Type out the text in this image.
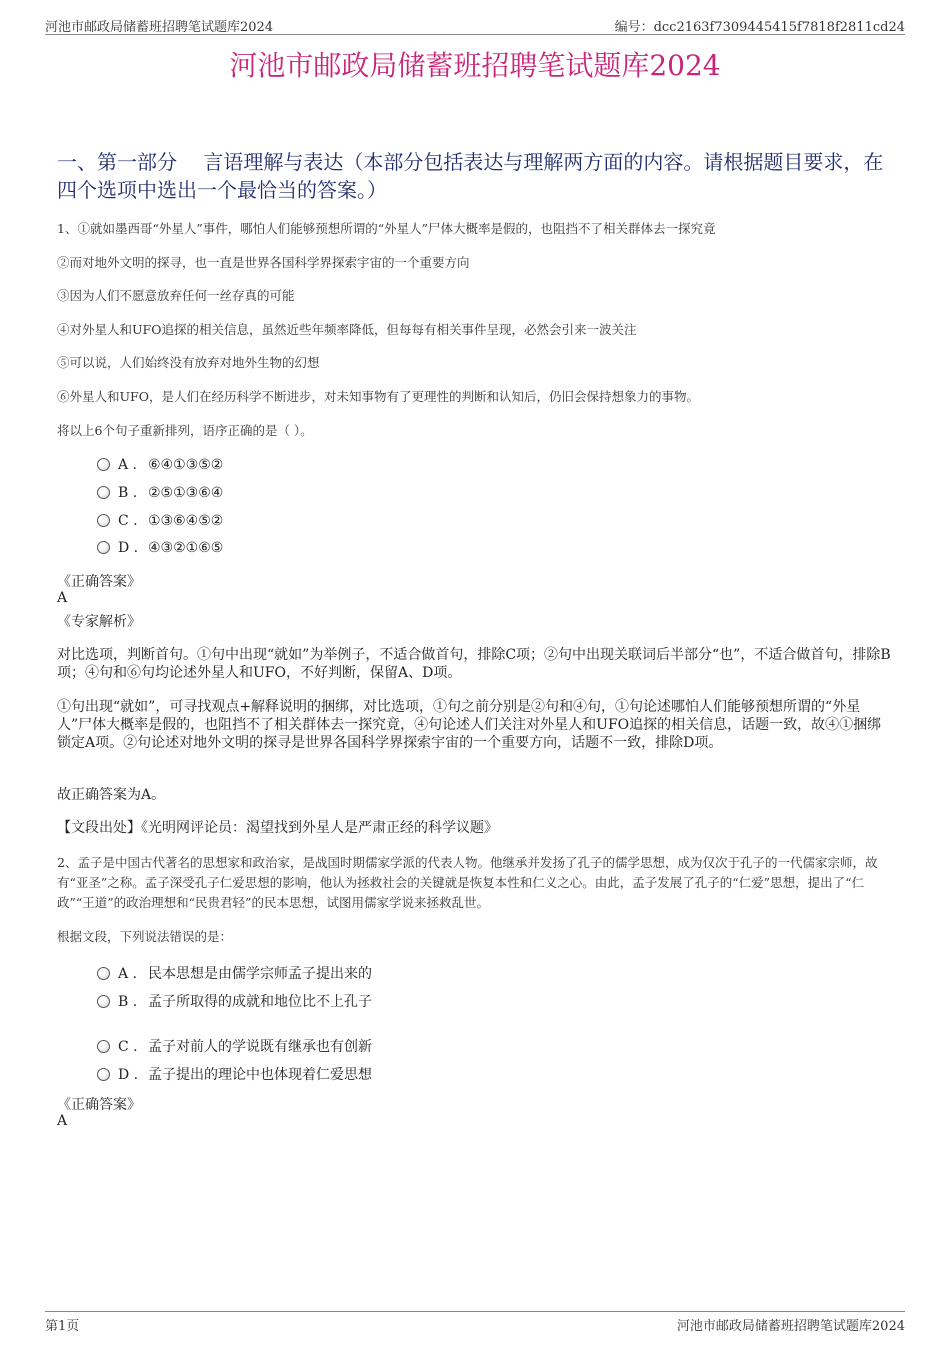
河池市邮政局储蓄班招聘笔试题库2024	编号：dcc2163f7309445415f7818f2811cd24
河池市邮政局储蓄班招聘笔试题库2024
一、第一部分　 言语理解与表达（本部分包括表达与理解两方面的内容。请根据题目要求，在四个选项中选出一个最恰当的答案。）
1、①就如墨西哥“外星人”事件，哪怕人们能够预想所谓的“外星人”尸体大概率是假的，也阻挡不了相关群体去一探究竟
②而对地外文明的探寻，也一直是世界各国科学界探索宇宙的一个重要方向
③因为人们不愿意放弃任何一丝存真的可能
④对外星人和UFO追探的相关信息，虽然近些年频率降低，但每每有相关事件呈现，必然会引来一波关注
⑤可以说，人们始终没有放弃对地外生物的幻想
⑥外星人和UFO，是人们在经历科学不断进步，对未知事物有了更理性的判断和认知后，仍旧会保持想象力的事物。
将以上6个句子重新排列，语序正确的是（ ）。
A . ⑥④①③⑤②
B . ②⑤①③⑥④
C . ①③⑥④⑤②
D . ④③②①⑥⑤
《正确答案》
A
《专家解析》
对比选项，判断首句。①句中出现“就如”为举例子，不适合做首句，排除C项；②句中出现关联词后半部分“也”，不适合做首句，排除B项；④句和⑥句均论述外星人和UFO，不好判断，保留A、D项。
①句出现“就如”，可寻找观点+解释说明的捆绑，对比选项，①句之前分别是②句和④句，①句论述哪怕人们能够预想所谓的“外星人”尸体大概率是假的，也阻挡不了相关群体去一探究竟，④句论述人们关注对外星人和UFO追探的相关信息，话题一致，故④①捆绑锁定A项。②句论述对地外文明的探寻是世界各国科学界探索宇宙的一个重要方向，话题不一致，排除D项。
故正确答案为A。
【文段出处】《光明网评论员：渴望找到外星人是严肃正经的科学议题》
2、孟子是中国古代著名的思想家和政治家，是战国时期儒家学派的代表人物。他继承并发扬了孔子的儒学思想，成为仅次于孔子的一代儒家宗师，故有“亚圣”之称。孟子深受孔子仁爱思想的影响，他认为拯救社会的关键就是恢复本性和仁义之心。由此，孟子发展了孔子的“仁爱”思想，提出了“仁政”“王道”的政治理想和“民贵君轻”的民本思想，试图用儒家学说来拯救乱世。
根据文段，下列说法错误的是：
A . 民本思想是由儒学宗师孟子提出来的
B . 孟子所取得的成就和地位比不上孔子
C . 孟子对前人的学说既有继承也有创新
D . 孟子提出的理论中也体现着仁爱思想
《正确答案》
A
第1页	河池市邮政局储蓄班招聘笔试题库2024
